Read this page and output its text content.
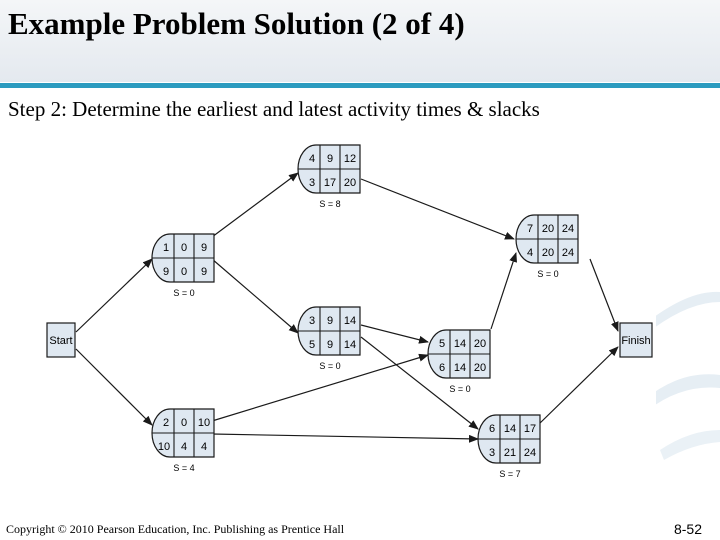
Example Problem Solution (2 of 4)
Step 2: Determine the earliest and latest activity times & slacks
Start	Finish
1 0 9
9 0 9
S = 0
2 0 10
10 4 4
S = 4
3 9 14
5 9 14
S = 0
4 9 12
3 17 20
S = 8
5 14 20
6 14 20
S = 0
6 14 17
3 21 24
S = 7
7 20 24
4 20 24
S = 0
Copyright © 2010 Pearson Education, Inc. Publishing as Prentice Hall	8-52
